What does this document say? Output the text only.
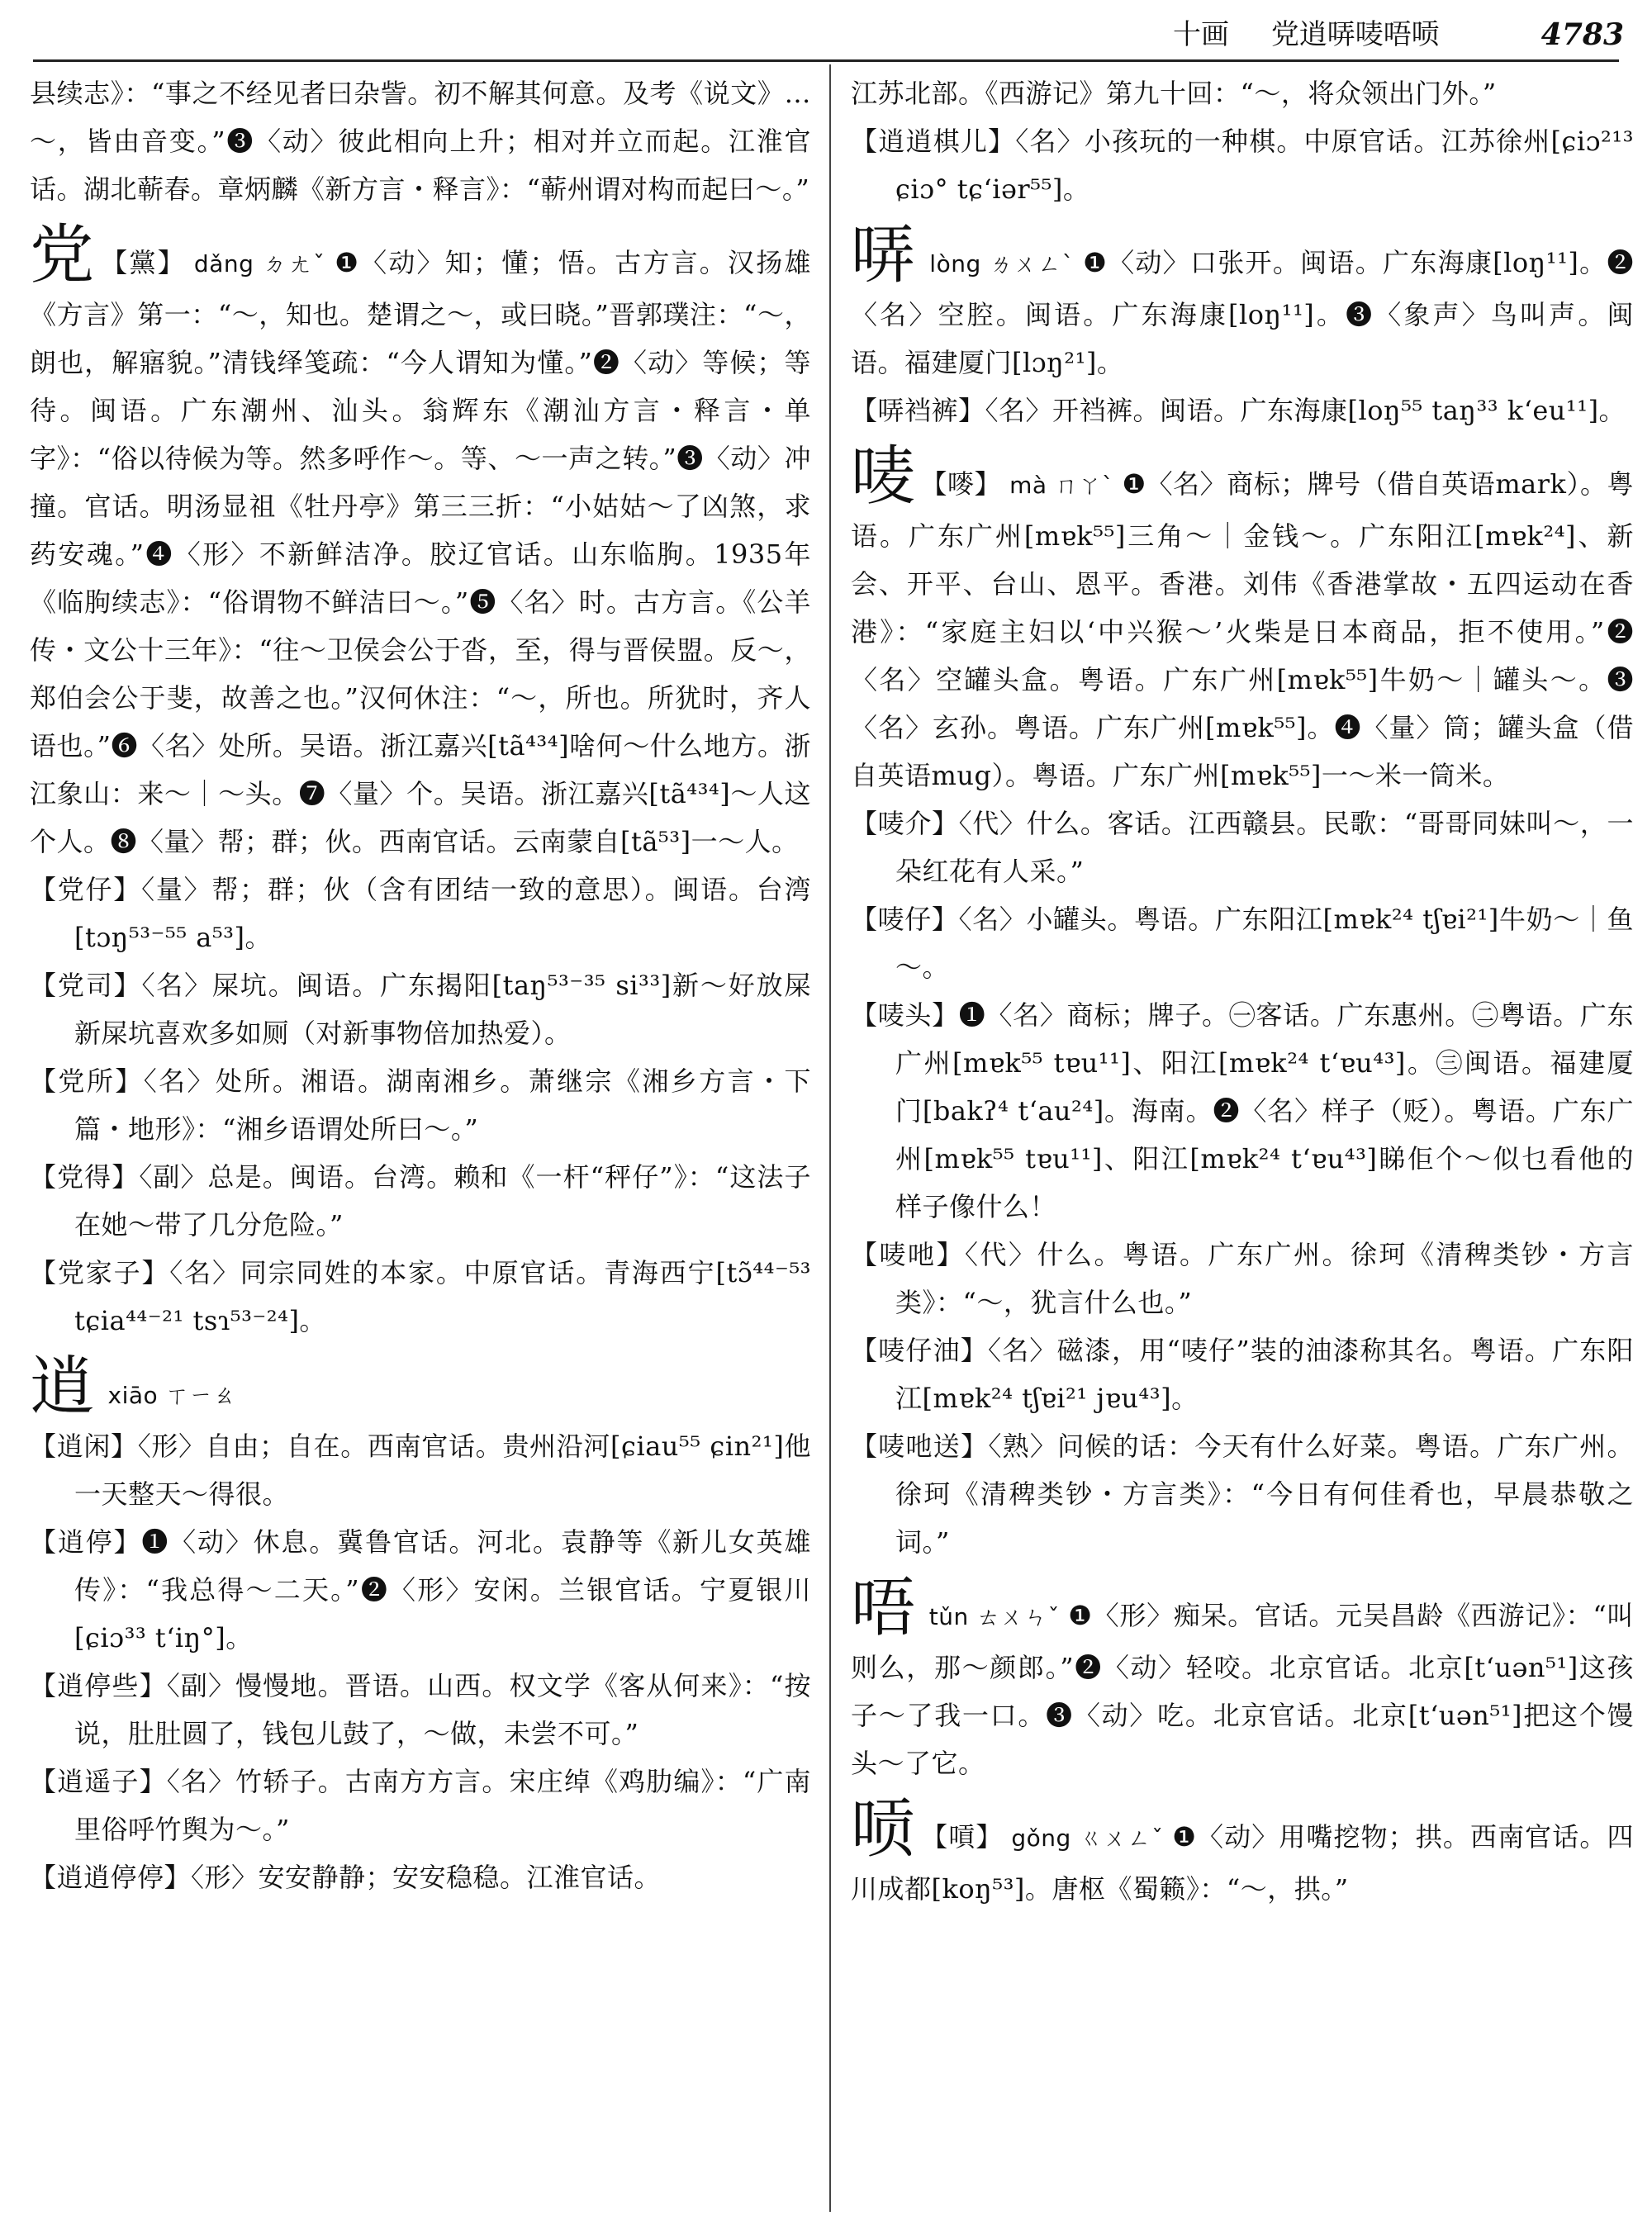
十画 党逍哢唛唔唝	4783

县续志》：“事之不经见者曰杂訾。初不解其何意。及考《说文》…～，皆由音变。”❸〈动〉彼此相向上升；相对并立而起。江淮官话。湖北蕲春。章炳麟《新方言・释言》：“蕲州谓对构而起曰～。”

党 【黨】 dǎng ㄉㄤˇ ❶〈动〉知；懂；悟。古方言。汉扬雄《方言》第一：“～，知也。楚谓之～，或曰晓。”晋郭璞注：“～，朗也，解寤貌。”清钱绎笺疏：“今人谓知为懂。”❷〈动〉等候；等待。闽语。广东潮州、汕头。翁辉东《潮汕方言・释言・单字》：“俗以待候为等。然多呼作～。等、～一声之转。”❸〈动〉冲撞。官话。明汤显祖《牡丹亭》第三三折：“小姑姑～了凶煞，求药安魂。”❹〈形〉不新鲜洁净。胶辽官话。山东临朐。1935年《临朐续志》：“俗谓物不鲜洁曰～。”❺〈名〉时。古方言。《公羊传・文公十三年》：“往～卫侯会公于沓，至，得与晋侯盟。反～，郑伯会公于斐，故善之也。”汉何休注：“～，所也。所犹时，齐人语也。”❻〈名〉处所。吴语。浙江嘉兴[tã⁴³⁴]啥何～什么地方。浙江象山：来～｜～头。❼〈量〉个。吴语。浙江嘉兴[tã⁴³⁴]～人这个人。❽〈量〉帮；群；伙。西南官话。云南蒙自[tã⁵³]一～人。

【党仔】〈量〉帮；群；伙（含有团结一致的意思）。闽语。台湾[tɔŋ⁵³⁻⁵⁵ a⁵³]。

【党司】〈名〉屎坑。闽语。广东揭阳[taŋ⁵³⁻³⁵ si³³]新～好放屎新屎坑喜欢多如厕（对新事物倍加热爱）。

【党所】〈名〉处所。湘语。湖南湘乡。萧继宗《湘乡方言・下篇・地形》：“湘乡语谓处所曰～。”

【党得】〈副〉总是。闽语。台湾。赖和《一杆“秤仔”》：“这法子在她～带了几分危险。”

【党家子】〈名〉同宗同姓的本家。中原官话。青海西宁[tɔ̃⁴⁴⁻⁵³ tɕia⁴⁴⁻²¹ tsɿ⁵³⁻²⁴]。

逍xiāo ㄒㄧㄠ

【逍闲】〈形〉自由；自在。西南官话。贵州沿河[ɕiau⁵⁵ ɕin²¹]他一天整天～得很。

【逍停】❶〈动〉休息。冀鲁官话。河北。袁静等《新儿女英雄传》：“我总得～二天。”❷〈形〉安闲。兰银官话。宁夏银川[ɕiɔ³³ tʻiŋ°]。

【逍停些】〈副〉慢慢地。晋语。山西。权文学《客从何来》：“按说，肚肚圆了，钱包儿鼓了，～做，未尝不可。”

【逍遥子】〈名〉竹轿子。古南方方言。宋庄绰《鸡肋编》：“广南里俗呼竹舆为～。”

【逍逍停停】〈形〉安安静静；安安稳稳。江淮官话。

江苏北部。《西游记》第九十回：“～，将众领出门外。”

【逍逍棋儿】〈名〉小孩玩的一种棋。中原官话。江苏徐州[ɕiɔ²¹³ ɕiɔ° tɕʻiər⁵⁵]。

哢lòng ㄌㄨㄥˋ ❶〈动〉口张开。闽语。广东海康[loŋ¹¹]。❷〈名〉空腔。闽语。广东海康[loŋ¹¹]。❸〈象声〉鸟叫声。闽语。福建厦门[lɔŋ²¹]。

【哢裆裤】〈名〉开裆裤。闽语。广东海康[loŋ⁵⁵ taŋ³³ kʻeu¹¹]。

唛 【嘜】 mà ㄇㄚˋ ❶〈名〉商标；牌号（借自英语mark）。粤语。广东广州[mɐk⁵⁵]三角～｜金钱～。广东阳江[mɐk²⁴]、新会、开平、台山、恩平。香港。刘伟《香港掌故・五四运动在香港》：“家庭主妇以‘中兴猴～’火柴是日本商品，拒不使用。”❷〈名〉空罐头盒。粤语。广东广州[mɐk⁵⁵]牛奶～｜罐头～。❸〈名〉玄孙。粤语。广东广州[mɐk⁵⁵]。❹〈量〉筒；罐头盒（借自英语mug）。粤语。广东广州[mɐk⁵⁵]一～米一筒米。

【唛介】〈代〉什么。客话。江西赣县。民歌：“哥哥同妹叫～，一朵红花有人采。”

【唛仔】〈名〉小罐头。粤语。广东阳江[mɐk²⁴ tʃɐi²¹]牛奶～｜鱼～。

【唛头】❶〈名〉商标；牌子。㊀客话。广东惠州。㊁粤语。广东广州[mɐk⁵⁵ tɐu¹¹]、阳江[mɐk²⁴ tʻɐu⁴³]。㊂闽语。福建厦门[bakʔ⁴ tʻau²⁴]。海南。❷〈名〉样子（贬）。粤语。广东广州[mɐk⁵⁵ tɐu¹¹]、阳江[mɐk²⁴ tʻɐu⁴³]睇佢个～似乜看他的样子像什么！

【唛吔】〈代〉什么。粤语。广东广州。徐珂《清稗类钞・方言类》：“～，犹言什么也。”

【唛仔油】〈名〉磁漆，用“唛仔”装的油漆称其名。粤语。广东阳江[mɐk²⁴ tʃɐi²¹ jɐu⁴³]。

【唛吔送】〈熟〉问候的话：今天有什么好菜。粤语。广东广州。徐珂《清稗类钞・方言类》：“今日有何佳肴也，早晨恭敬之词。”

唔tǔn ㄊㄨㄣˇ ❶〈形〉痴呆。官话。元吴昌龄《西游记》：“叫则么，那～颜郎。”❷〈动〉轻咬。北京官话。北京[tʻuən⁵¹]这孩子～了我一口。❸〈动〉吃。北京官话。北京[tʻuən⁵¹]把这个馒头～了它。

唝 【嗊】 gǒng ㄍㄨㄥˇ ❶〈动〉用嘴挖物；拱。西南官话。四川成都[koŋ⁵³]。唐枢《蜀籁》：“～，拱。”
